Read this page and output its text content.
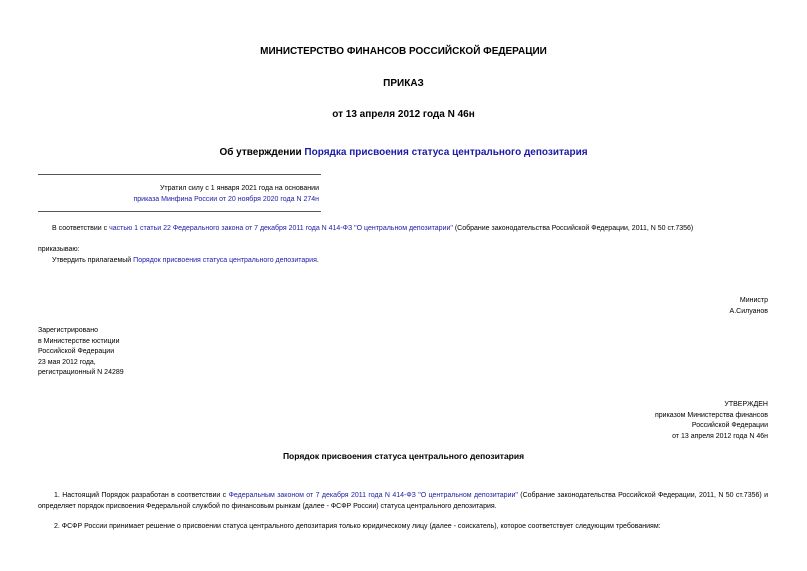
МИНИСТЕРСТВО ФИНАНСОВ РОССИЙСКОЙ ФЕДЕРАЦИИ
ПРИКАЗ
от 13 апреля 2012 года N 46н
Об утверждении Порядка присвоения статуса центрального депозитария
Утратил силу с 1 января 2021 года на основании
приказа Минфина России от 20 ноября 2020 года N 274н
В соответствии с частью 1 статьи 22 Федерального закона от 7 декабря 2011 года N 414-ФЗ "О центральном депозитарии" (Собрание законодательства Российской Федерации, 2011, N 50 ст.7356)
приказываю:
Утвердить прилагаемый Порядок присвоения статуса центрального депозитария.
Министр
А.Силуанов
Зарегистрировано
в Министерстве юстиции
Российской Федерации
23 мая 2012 года,
регистрационный N 24289
УТВЕРЖДЕН
приказом Министерства финансов
Российской Федерации
от 13 апреля 2012 года N 46н
Порядок присвоения статуса центрального депозитария
1. Настоящий Порядок разработан в соответствии с Федеральным законом от 7 декабря 2011 года N 414-ФЗ "О центральном депозитарии" (Собрание законодательства Российской Федерации, 2011, N 50 ст.7356) и определяет порядок присвоения Федеральной службой по финансовым рынкам (далее - ФСФР России) статуса центрального депозитария.
2. ФСФР России принимает решение о присвоении статуса центрального депозитария только юридическому лицу (далее - соискатель), которое соответствует следующим требованиям:
